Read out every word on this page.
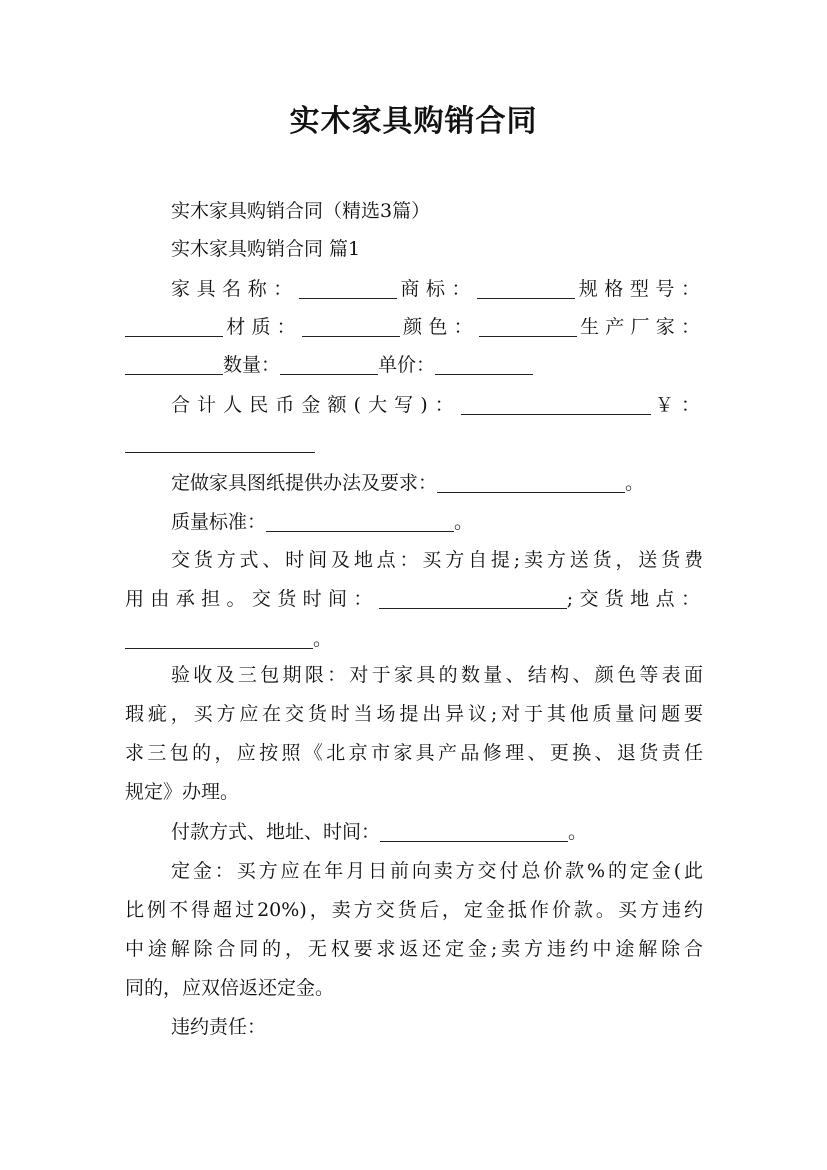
实木家具购销合同
实木家具购销合同（精选3篇）
实木家具购销合同 篇1
家具名称：	商标：	规格型号：
材质：	颜色：	生产厂家：
数量：	单价：
合计人民币金额(大写)：	￥：
定做家具图纸提供办法及要求：	。
质量标准：	。
交货方式、时间及地点：买方自提;卖方送货，送货费
用由承担。交货时间：	;交货地点：
。
验收及三包期限：对于家具的数量、结构、颜色等表面
瑕疵，买方应在交货时当场提出异议;对于其他质量问题要
求三包的，应按照《北京市家具产品修理、更换、退货责任
规定》办理。
付款方式、地址、时间：	。
定金：买方应在年月日前向卖方交付总价款%的定金(此
比例不得超过20%)，卖方交货后，定金抵作价款。买方违约
中途解除合同的，无权要求返还定金;卖方违约中途解除合
同的，应双倍返还定金。
违约责任：
